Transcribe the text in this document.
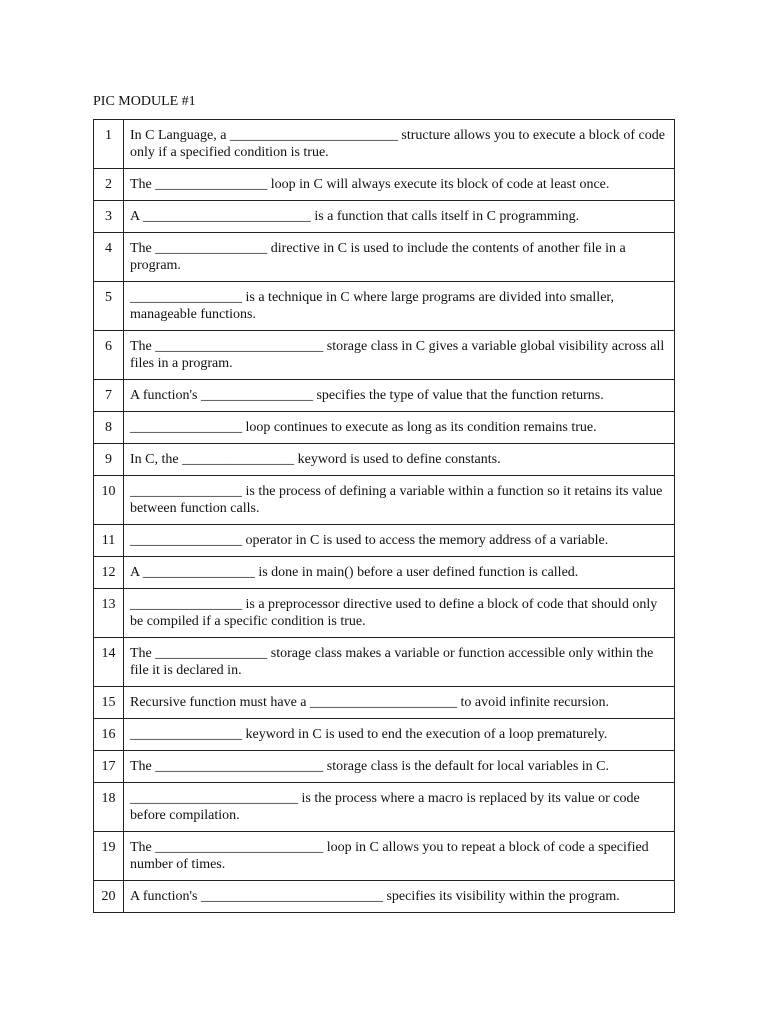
PIC MODULE #1
1	In C Language, a ________________________ structure allows you to execute a block of code only if a specified condition is true.
2	The ________________ loop in C will always execute its block of code at least once.
3	A ________________________ is a function that calls itself in C programming.
4	The ________________ directive in C is used to include the contents of another file in a program.
5	________________ is a technique in C where large programs are divided into smaller, manageable functions.
6	The ________________________ storage class in C gives a variable global visibility across all files in a program.
7	A function's ________________ specifies the type of value that the function returns.
8	________________ loop continues to execute as long as its condition remains true.
9	In C, the ________________ keyword is used to define constants.
10	________________ is the process of defining a variable within a function so it retains its value between function calls.
11	________________ operator in C is used to access the memory address of a variable.
12	A ________________ is done in main() before a user defined function is called.
13	________________ is a preprocessor directive used to define a block of code that should only be compiled if a specific condition is true.
14	The ________________ storage class makes a variable or function accessible only within the file it is declared in.
15	Recursive function must have a _____________________ to avoid infinite recursion.
16	________________ keyword in C is used to end the execution of a loop prematurely.
17	The ________________________ storage class is the default for local variables in C.
18	________________________ is the process where a macro is replaced by its value or code before compilation.
19	The ________________________ loop in C allows you to repeat a block of code a specified number of times.
20	A function's __________________________ specifies its visibility within the program.
